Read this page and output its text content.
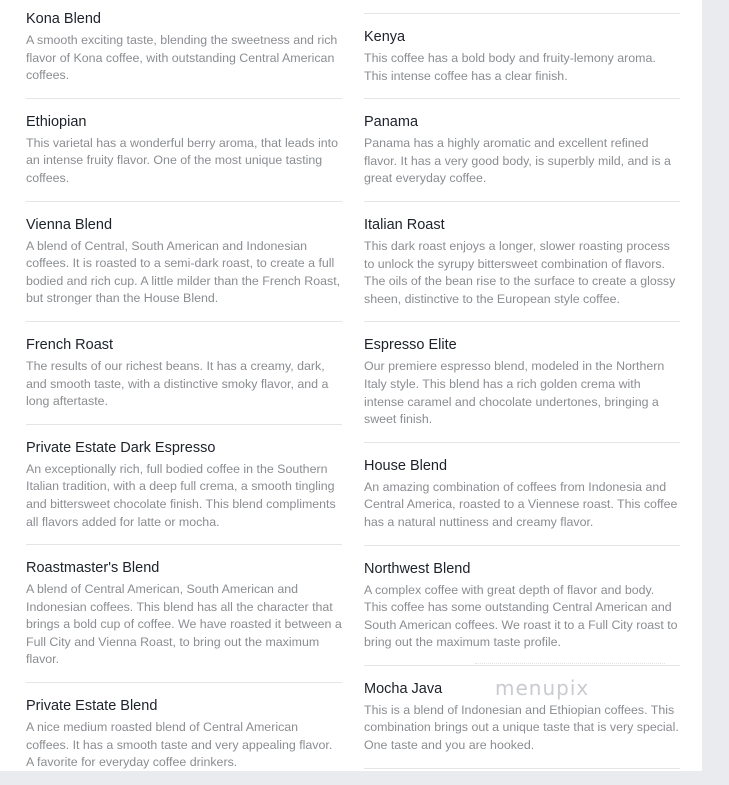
Kona Blend

A smooth exciting taste, blending the sweetness and rich flavor of Kona coffee, with outstanding Central American coffees.

Ethiopian

This varietal has a wonderful berry aroma, that leads into an intense fruity flavor. One of the most unique tasting coffees.

Vienna Blend

A blend of Central, South American and Indonesian coffees. It is roasted to a semi-dark roast, to create a full bodied and rich cup. A little milder than the French Roast, but stronger than the House Blend.

French Roast

The results of our richest beans. It has a creamy, dark, and smooth taste, with a distinctive smoky flavor, and a long aftertaste.

Private Estate Dark Espresso

An exceptionally rich, full bodied coffee in the Southern Italian tradition, with a deep full crema, a smooth tingling and bittersweet chocolate finish. This blend compliments all flavors added for latte or mocha.

Roastmaster's Blend

A blend of Central American, South American and Indonesian coffees. This blend has all the character that brings a bold cup of coffee. We have roasted it between a Full City and Vienna Roast, to bring out the maximum flavor.

Private Estate Blend

A nice medium roasted blend of Central American coffees. It has a smooth taste and very appealing flavor. A favorite for everyday coffee drinkers.

Kenya

This coffee has a bold body and fruity-lemony aroma. This intense coffee has a clear finish.

Panama

Panama has a highly aromatic and excellent refined flavor. It has a very good body, is superbly mild, and is a great everyday coffee.

Italian Roast

This dark roast enjoys a longer, slower roasting process to unlock the syrupy bittersweet combination of flavors. The oils of the bean rise to the surface to create a glossy sheen, distinctive to the European style coffee.

Espresso Elite

Our premiere espresso blend, modeled in the Northern Italy style. This blend has a rich golden crema with intense caramel and chocolate undertones, bringing a sweet finish.

House Blend

An amazing combination of coffees from Indonesia and Central America, roasted to a Viennese roast. This coffee has a natural nuttiness and creamy flavor.

Northwest Blend

A complex coffee with great depth of flavor and body. This coffee has some outstanding Central American and South American coffees. We roast it to a Full City roast to bring out the maximum taste profile.

Mocha Java

This is a blend of Indonesian and Ethiopian coffees. This combination brings out a unique taste that is very special. One taste and you are hooked.

menupix
